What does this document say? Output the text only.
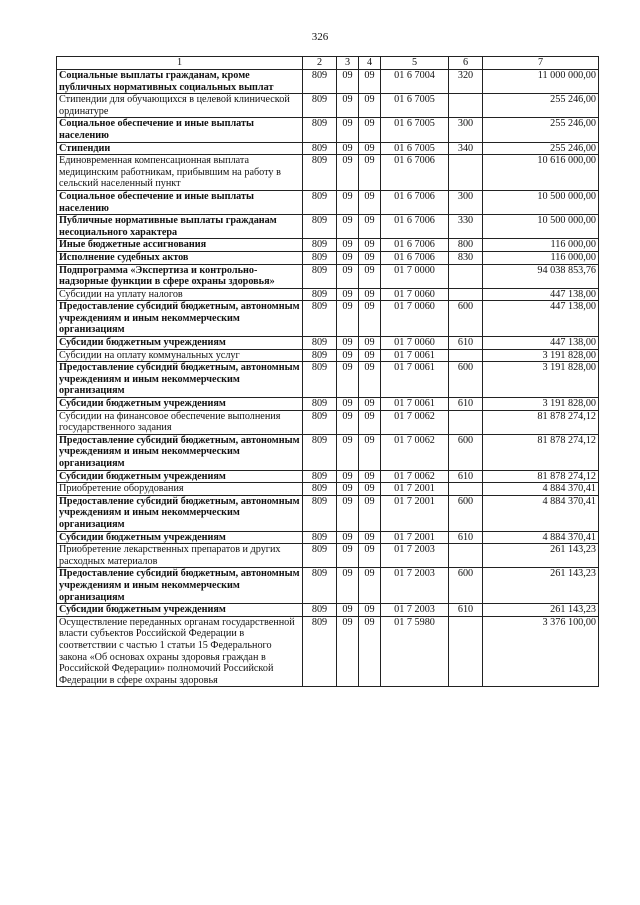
326
1	2	3	4	5	6	7
Социальные выплаты гражданам, кроме публичных нормативных социальных выплат	809	09	09	01 6 7004	320	11 000 000,00
Стипендии для обучающихся в целевой клинической ординатуре	809	09	09	01 6 7005		255 246,00
Социальное обеспечение и иные выплаты населению	809	09	09	01 6 7005	300	255 246,00
Стипендии	809	09	09	01 6 7005	340	255 246,00
Единовременная компенсационная выплата медицинским работникам, прибывшим на работу в сельский населенный пункт	809	09	09	01 6 7006		10 616 000,00
Социальное обеспечение и иные выплаты населению	809	09	09	01 6 7006	300	10 500 000,00
Публичные нормативные выплаты гражданам несоциального характера	809	09	09	01 6 7006	330	10 500 000,00
Иные бюджетные ассигнования	809	09	09	01 6 7006	800	116 000,00
Исполнение судебных актов	809	09	09	01 6 7006	830	116 000,00
Подпрограмма «Экспертиза и контрольно-надзорные функции в сфере охраны здоровья»	809	09	09	01 7 0000		94 038 853,76
Субсидии на уплату налогов	809	09	09	01 7 0060		447 138,00
Предоставление субсидий бюджетным, автономным учреждениям и иным некоммерческим организациям	809	09	09	01 7 0060	600	447 138,00
Субсидии бюджетным учреждениям	809	09	09	01 7 0060	610	447 138,00
Субсидии на оплату коммунальных услуг	809	09	09	01 7 0061		3 191 828,00
Предоставление субсидий бюджетным, автономным учреждениям и иным некоммерческим организациям	809	09	09	01 7 0061	600	3 191 828,00
Субсидии бюджетным учреждениям	809	09	09	01 7 0061	610	3 191 828,00
Субсидии на финансовое обеспечение выполнения государственного задания	809	09	09	01 7 0062		81 878 274,12
Предоставление субсидий бюджетным, автономным учреждениям и иным некоммерческим организациям	809	09	09	01 7 0062	600	81 878 274,12
Субсидии бюджетным учреждениям	809	09	09	01 7 0062	610	81 878 274,12
Приобретение оборудования	809	09	09	01 7 2001		4 884 370,41
Предоставление субсидий бюджетным, автономным учреждениям и иным некоммерческим организациям	809	09	09	01 7 2001	600	4 884 370,41
Субсидии бюджетным учреждениям	809	09	09	01 7 2001	610	4 884 370,41
Приобретение лекарственных препаратов и других расходных материалов	809	09	09	01 7 2003		261 143,23
Предоставление субсидий бюджетным, автономным учреждениям и иным некоммерческим организациям	809	09	09	01 7 2003	600	261 143,23
Субсидии бюджетным учреждениям	809	09	09	01 7 2003	610	261 143,23
Осуществление переданных органам государственной власти субъектов Российской Федерации в соответствии с частью 1 статьи 15 Федерального закона «Об основах охраны здоровья граждан в Российской Федерации» полномочий Российской Федерации в сфере охраны здоровья	809	09	09	01 7 5980		3 376 100,00
